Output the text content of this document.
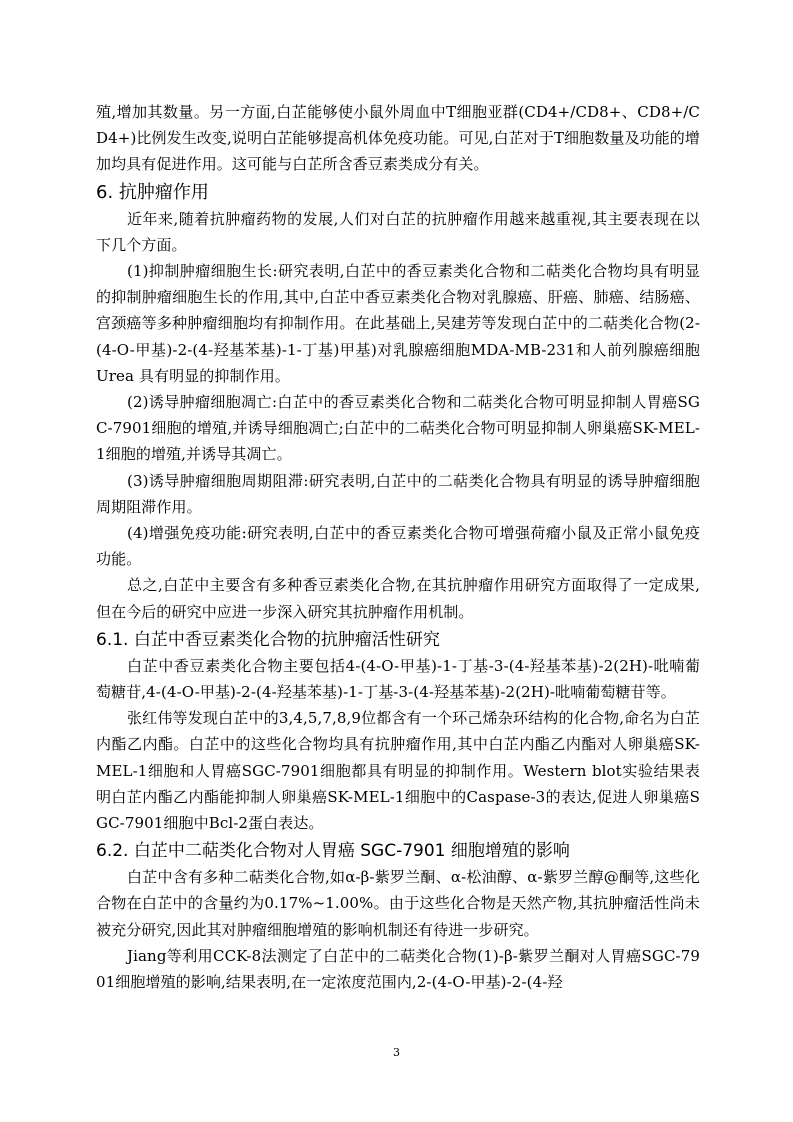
殖,增加其数量。另一方面,白芷能够使小鼠外周血中T细胞亚群(CD4+/CD8+、CD8+/CD4+)比例发生改变,说明白芷能够提高机体免疫功能。可见,白芷对于T细胞数量及功能的增加均具有促进作用。这可能与白芷所含香豆素类成分有关。

6. 抗肿瘤作用

近年来,随着抗肿瘤药物的发展,人们对白芷的抗肿瘤作用越来越重视,其主要表现在以下几个方面。

(1)抑制肿瘤细胞生长:研究表明,白芷中的香豆素类化合物和二萜类化合物均具有明显的抑制肿瘤细胞生长的作用,其中,白芷中香豆素类化合物对乳腺癌、肝癌、肺癌、结肠癌、宫颈癌等多种肿瘤细胞均有抑制作用。在此基础上,吴建芳等发现白芷中的二萜类化合物(2-(4-O-甲基)-2-(4-羟基苯基)-1-丁基)甲基)对乳腺癌细胞MDA-MB-231和人前列腺癌细胞 Urea 具有明显的抑制作用。

(2)诱导肿瘤细胞凋亡:白芷中的香豆素类化合物和二萜类化合物可明显抑制人胃癌SGC-7901细胞的增殖,并诱导细胞凋亡;白芷中的二萜类化合物可明显抑制人卵巢癌SK-MEL-1细胞的增殖,并诱导其凋亡。

(3)诱导肿瘤细胞周期阻滞:研究表明,白芷中的二萜类化合物具有明显的诱导肿瘤细胞周期阻滞作用。

(4)增强免疫功能:研究表明,白芷中的香豆素类化合物可增强荷瘤小鼠及正常小鼠免疫功能。

总之,白芷中主要含有多种香豆素类化合物,在其抗肿瘤作用研究方面取得了一定成果,但在今后的研究中应进一步深入研究其抗肿瘤作用机制。

6.1. 白芷中香豆素类化合物的抗肿瘤活性研究

白芷中香豆素类化合物主要包括4-(4-O-甲基)-1-丁基-3-(4-羟基苯基)-2(2H)-吡喃葡萄糖苷,4-(4-O-甲基)-2-(4-羟基苯基)-1-丁基-3-(4-羟基苯基)-2(2H)-吡喃葡萄糖苷等。

张红伟等发现白芷中的3,4,5,7,8,9位都含有一个环己烯杂环结构的化合物,命名为白芷内酯乙内酯。白芷中的这些化合物均具有抗肿瘤作用,其中白芷内酯乙内酯对人卵巢癌SK-MEL-1细胞和人胃癌SGC-7901细胞都具有明显的抑制作用。Western blot实验结果表明白芷内酯乙内酯能抑制人卵巢癌SK-MEL-1细胞中的Caspase-3的表达,促进人卵巢癌SGC-7901细胞中Bcl-2蛋白表达。

6.2. 白芷中二萜类化合物对人胃癌 SGC-7901 细胞增殖的影响

白芷中含有多种二萜类化合物,如α-β-紫罗兰酮、α-松油醇、α-紫罗兰醇@酮等,这些化合物在白芷中的含量约为0.17%~1.00%。由于这些化合物是天然产物,其抗肿瘤活性尚未被充分研究,因此其对肿瘤细胞增殖的影响机制还有待进一步研究。

Jiang等利用CCK-8法测定了白芷中的二萜类化合物(1)-β-紫罗兰酮对人胃癌SGC-7901细胞增殖的影响,结果表明,在一定浓度范围内,2-(4-O-甲基)-2-(4-羟

3
